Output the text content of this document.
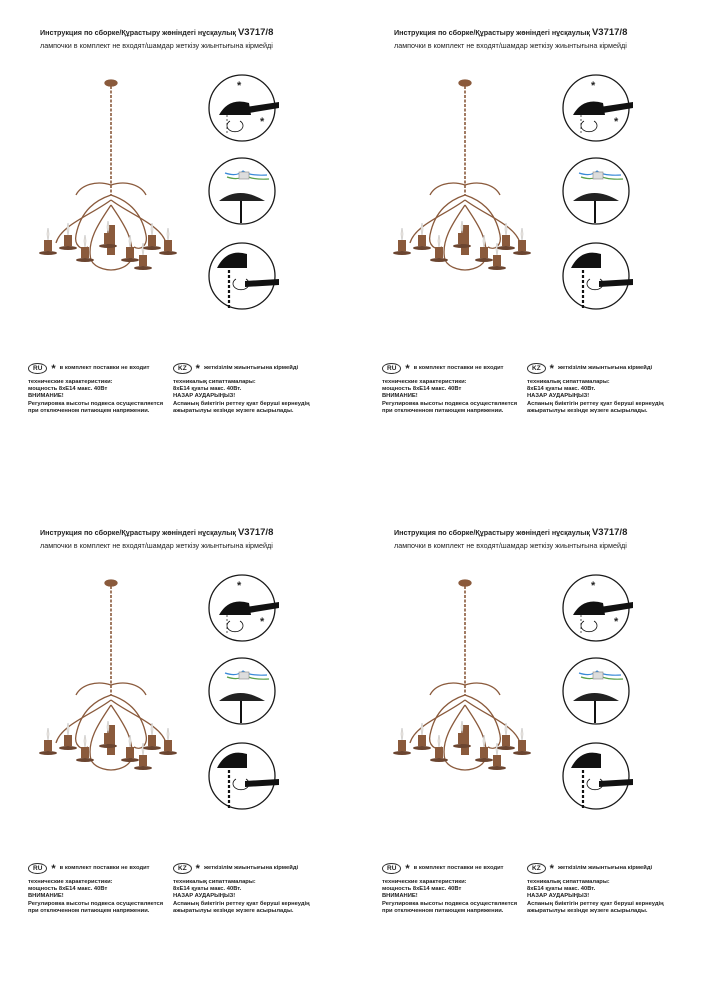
Инструкция по сборке/Құрастыру жөніндегі нұсқаулық V3717/8
лампочки в комплект не входят/шамдар жеткізу жиынтығына кірмейді
*
*
RU * в комплект поставки не входит
технические характеристики:
мощность 8хE14 макс. 40Вт
ВНИМАНИЕ!
Регулировка высоты подвеса осуществляется
при отключенном питающем напряжении.
KZ * жеткізілім жиынтығына кірмейді
техникалық сипаттамалары:
8хE14 қуаты макс. 40Вт.
НАЗАР АУДАРЫҢЫЗ!
Аспаның биіктігін реттеу қуат беруші кернеудің
ажыратылуы кезінде жүзеге асырылады.
Инструкция по сборке/Құрастыру жөніндегі нұсқаулық V3717/8
лампочки в комплект не входят/шамдар жеткізу жиынтығына кірмейді
*
*
RU * в комплект поставки не входит
технические характеристики:
мощность 8хE14 макс. 40Вт
ВНИМАНИЕ!
Регулировка высоты подвеса осуществляется
при отключенном питающем напряжении.
KZ * жеткізілім жиынтығына кірмейді
техникалық сипаттамалары:
8хE14 қуаты макс. 40Вт.
НАЗАР АУДАРЫҢЫЗ!
Аспаның биіктігін реттеу қуат беруші кернеудің
ажыратылуы кезінде жүзеге асырылады.
Инструкция по сборке/Құрастыру жөніндегі нұсқаулық V3717/8
лампочки в комплект не входят/шамдар жеткізу жиынтығына кірмейді
*
*
RU * в комплект поставки не входит
технические характеристики:
мощность 8хE14 макс. 40Вт
ВНИМАНИЕ!
Регулировка высоты подвеса осуществляется
при отключенном питающем напряжении.
KZ * жеткізілім жиынтығына кірмейді
техникалық сипаттамалары:
8хE14 қуаты макс. 40Вт.
НАЗАР АУДАРЫҢЫЗ!
Аспаның биіктігін реттеу қуат беруші кернеудің
ажыратылуы кезінде жүзеге асырылады.
Инструкция по сборке/Құрастыру жөніндегі нұсқаулық V3717/8
лампочки в комплект не входят/шамдар жеткізу жиынтығына кірмейді
*
*
RU * в комплект поставки не входит
технические характеристики:
мощность 8хE14 макс. 40Вт
ВНИМАНИЕ!
Регулировка высоты подвеса осуществляется
при отключенном питающем напряжении.
KZ * жеткізілім жиынтығына кірмейді
техникалық сипаттамалары:
8хE14 қуаты макс. 40Вт.
НАЗАР АУДАРЫҢЫЗ!
Аспаның биіктігін реттеу қуат беруші кернеудің
ажыратылуы кезінде жүзеге асырылады.
